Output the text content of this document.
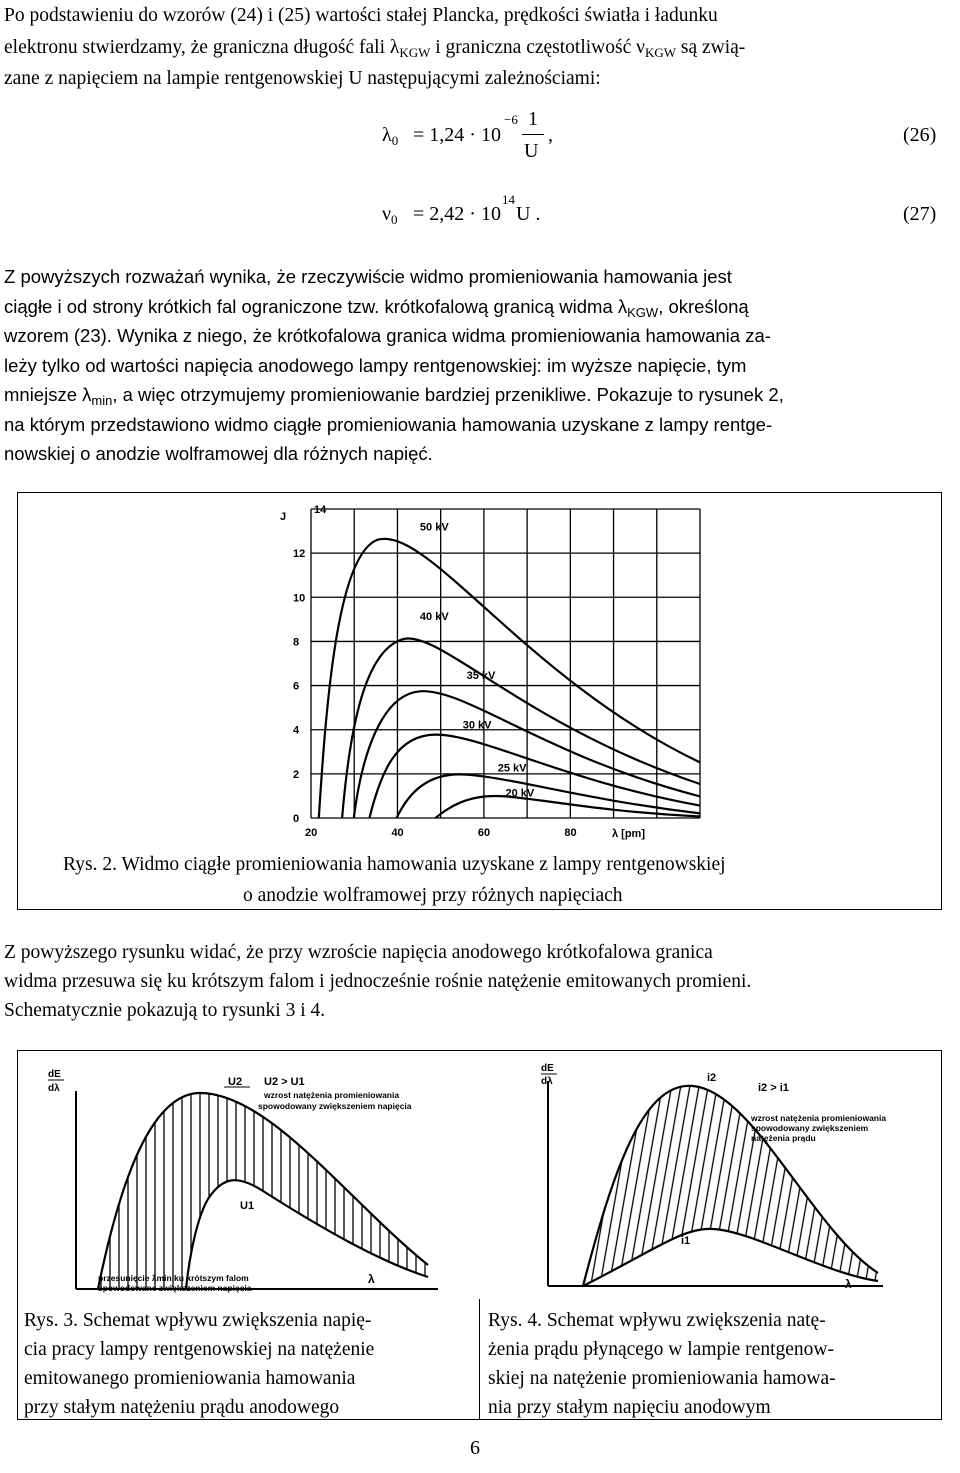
Po podstawieniu do wzorów (24) i (25) wartości stałej Plancka, prędkości światła i ładunku
elektronu stwierdzamy, że graniczna długość fali $\lambda_{KGW}$ i graniczna częstotliwość $\nu_{KGW}$ są zwią-
zane z napięciem na lampie rentgenowskiej U następującymi zależnościami:
$\lambda_0 = 1,24 \cdot 10$
−6 1
U
,	(26)
$\nu_0 = 2,42 \cdot 10$
14
U .	(27)
Z powyższych rozważań wynika, że rzeczywiście widmo promieniowania hamowania jest
ciągłe i od strony krótkich fal ograniczone tzw. krótkofalową granicą widma $\lambda_{KGW}$, określoną
wzorem (23). Wynika z niego, że krótkofalowa granica widma promieniowania hamowania za-
leży tylko od wartości napięcia anodowego lampy rentgenowskiej: im wyższe napięcie, tym
mniejsze $\lambda_{min}$, a więc otrzymujemy promieniowanie bardziej przenikliwe. Pokazuje to rysunek 2,
na którym przedstawiono widmo ciągłe promieniowania hamowania uzyskane z lampy rentge-
nowskiej o anodzie wolframowej dla różnych napięć.
14
12
10
8
6
4
2
0
J
20	40	60	80	λ [pm]
50 kV
40 kV
35 kV
30 kV
25 kV
20 kV
Rys. 2. Widmo ciągłe promieniowania hamowania uzyskane z lampy rentgenowskiej
o anodzie wolframowej przy różnych napięciach
Z powyższego rysunku widać, że przy wzroście napięcia anodowego krótkofalowa granica
widma przesuwa się ku krótszym falom i jednocześnie rośnie natężenie emitowanych promieni.
Schematycznie pokazują to rysunki 3 i 4.
dE
dλ
U2 U2 > U1
wzrost natężenia promieniowania
spowodowany zwiększeniem napięcia
U1
przesunięcie λmin ku krótszym falom
spowodowane zwiększeniem napięcia
λ
Rys. 3. Schemat wpływu zwiększenia napię-
cia pracy lampy rentgenowskiej na natężenie
emitowanego promieniowania hamowania
przy stałym natężeniu prądu anodowego
dE
dλ	i2
i2 > i1
wzrost natężenia promieniowania
spowodowany zwiększeniem
natężenia prądu
i1
λ
Rys. 4. Schemat wpływu zwiększenia natę-
żenia prądu płynącego w lampie rentgenow-
skiej na natężenie promieniowania hamowa-
nia przy stałym napięciu anodowym
6
